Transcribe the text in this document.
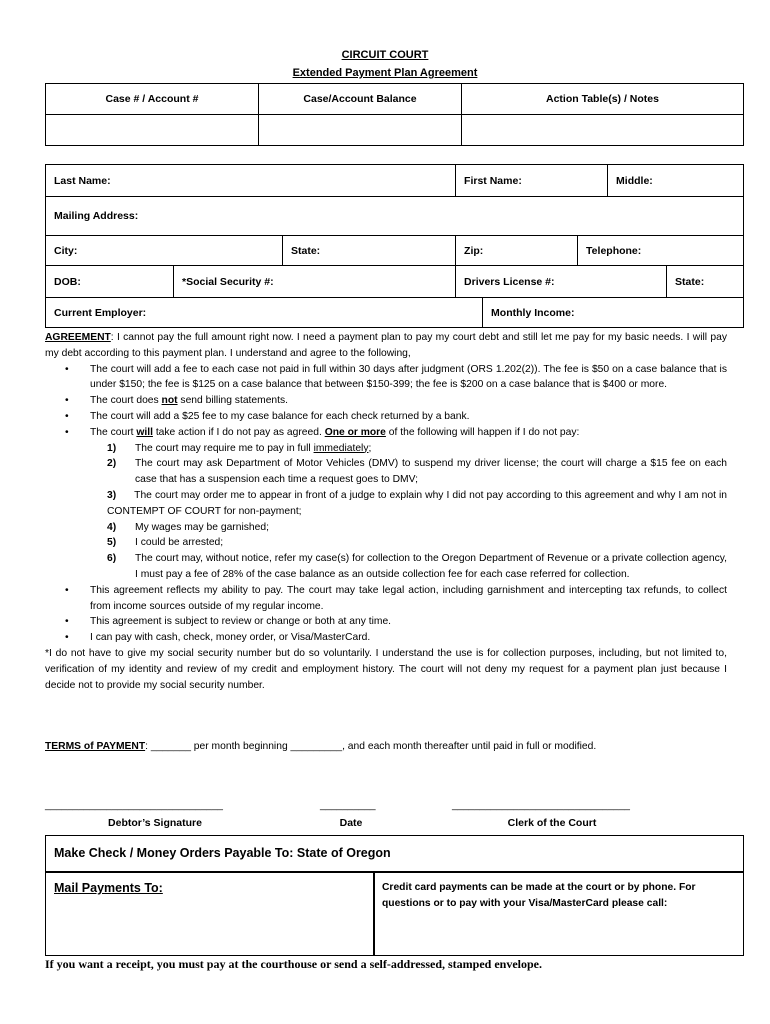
CIRCUIT COURT
Extended Payment Plan Agreement
Case # / Account #	Case/Account Balance	Action Table(s) / Notes

Last Name:			First Name:			Middle:	
Mailing Address:							
City:		State:	Zip:		Telephone:		
DOB:	*Social Security #:		Drivers License #:				State:
Current Employer:				Monthly Income:			

AGREEMENT: I cannot pay the full amount right now. I need a payment plan to pay my court debt and still let me pay for my basic needs. I will pay my debt according to this payment plan. I understand and agree to the following,

• The court will add a fee to each case not paid in full within 30 days after judgment (ORS 1.202(2)). The fee is $50 on a case balance that is under $150; the fee is $125 on a case balance that between $150-399; the fee is $200 on a case balance that is $400 or more.
• The court does not send billing statements.
• The court will add a $25 fee to my case balance for each check returned by a bank.
• The court will take action if I do not pay as agreed. One or more of the following will happen if I do not pay:
1) The court may require me to pay in full immediately;
2) The court may ask Department of Motor Vehicles (DMV) to suspend my driver license; the court will charge a $15 fee on each case that has a suspension each time a request goes to DMV;
3) The court may order me to appear in front of a judge to explain why I did not pay according to this agreement and why I am not in CONTEMPT OF COURT for non-payment;
4) My wages may be garnished;
5) I could be arrested;
6) The court may, without notice, refer my case(s) for collection to the Oregon Department of Revenue or a private collection agency, I must pay a fee of 28% of the case balance as an outside collection fee for each case referred for collection.
• This agreement reflects my ability to pay. The court may take legal action, including garnishment and intercepting tax refunds, to collect from income sources outside of my regular income.
• This agreement is subject to review or change or both at any time.
• I can pay with cash, check, money order, or Visa/MasterCard.

*I do not have to give my social security number but do so voluntarily. I understand the use is for collection purposes, including, but not limited to, verification of my identity and review of my credit and employment history. The court will not deny my request for a payment plan just because I decide not to provide my social security number.

TERMS of PAYMENT: _______ per month beginning _________, and each month thereafter until paid in full or modified.
________________________________	__________	________________________________
Debtor’s Signature	Date	Clerk of the Court
Make Check / Money Orders Payable To: State of Oregon
Mail Payments To:	Credit card payments can be made at the court or by phone. For questions or to pay with your Visa/MasterCard please call:
If you want a receipt, you must pay at the courthouse or send a self-addressed, stamped envelope.
